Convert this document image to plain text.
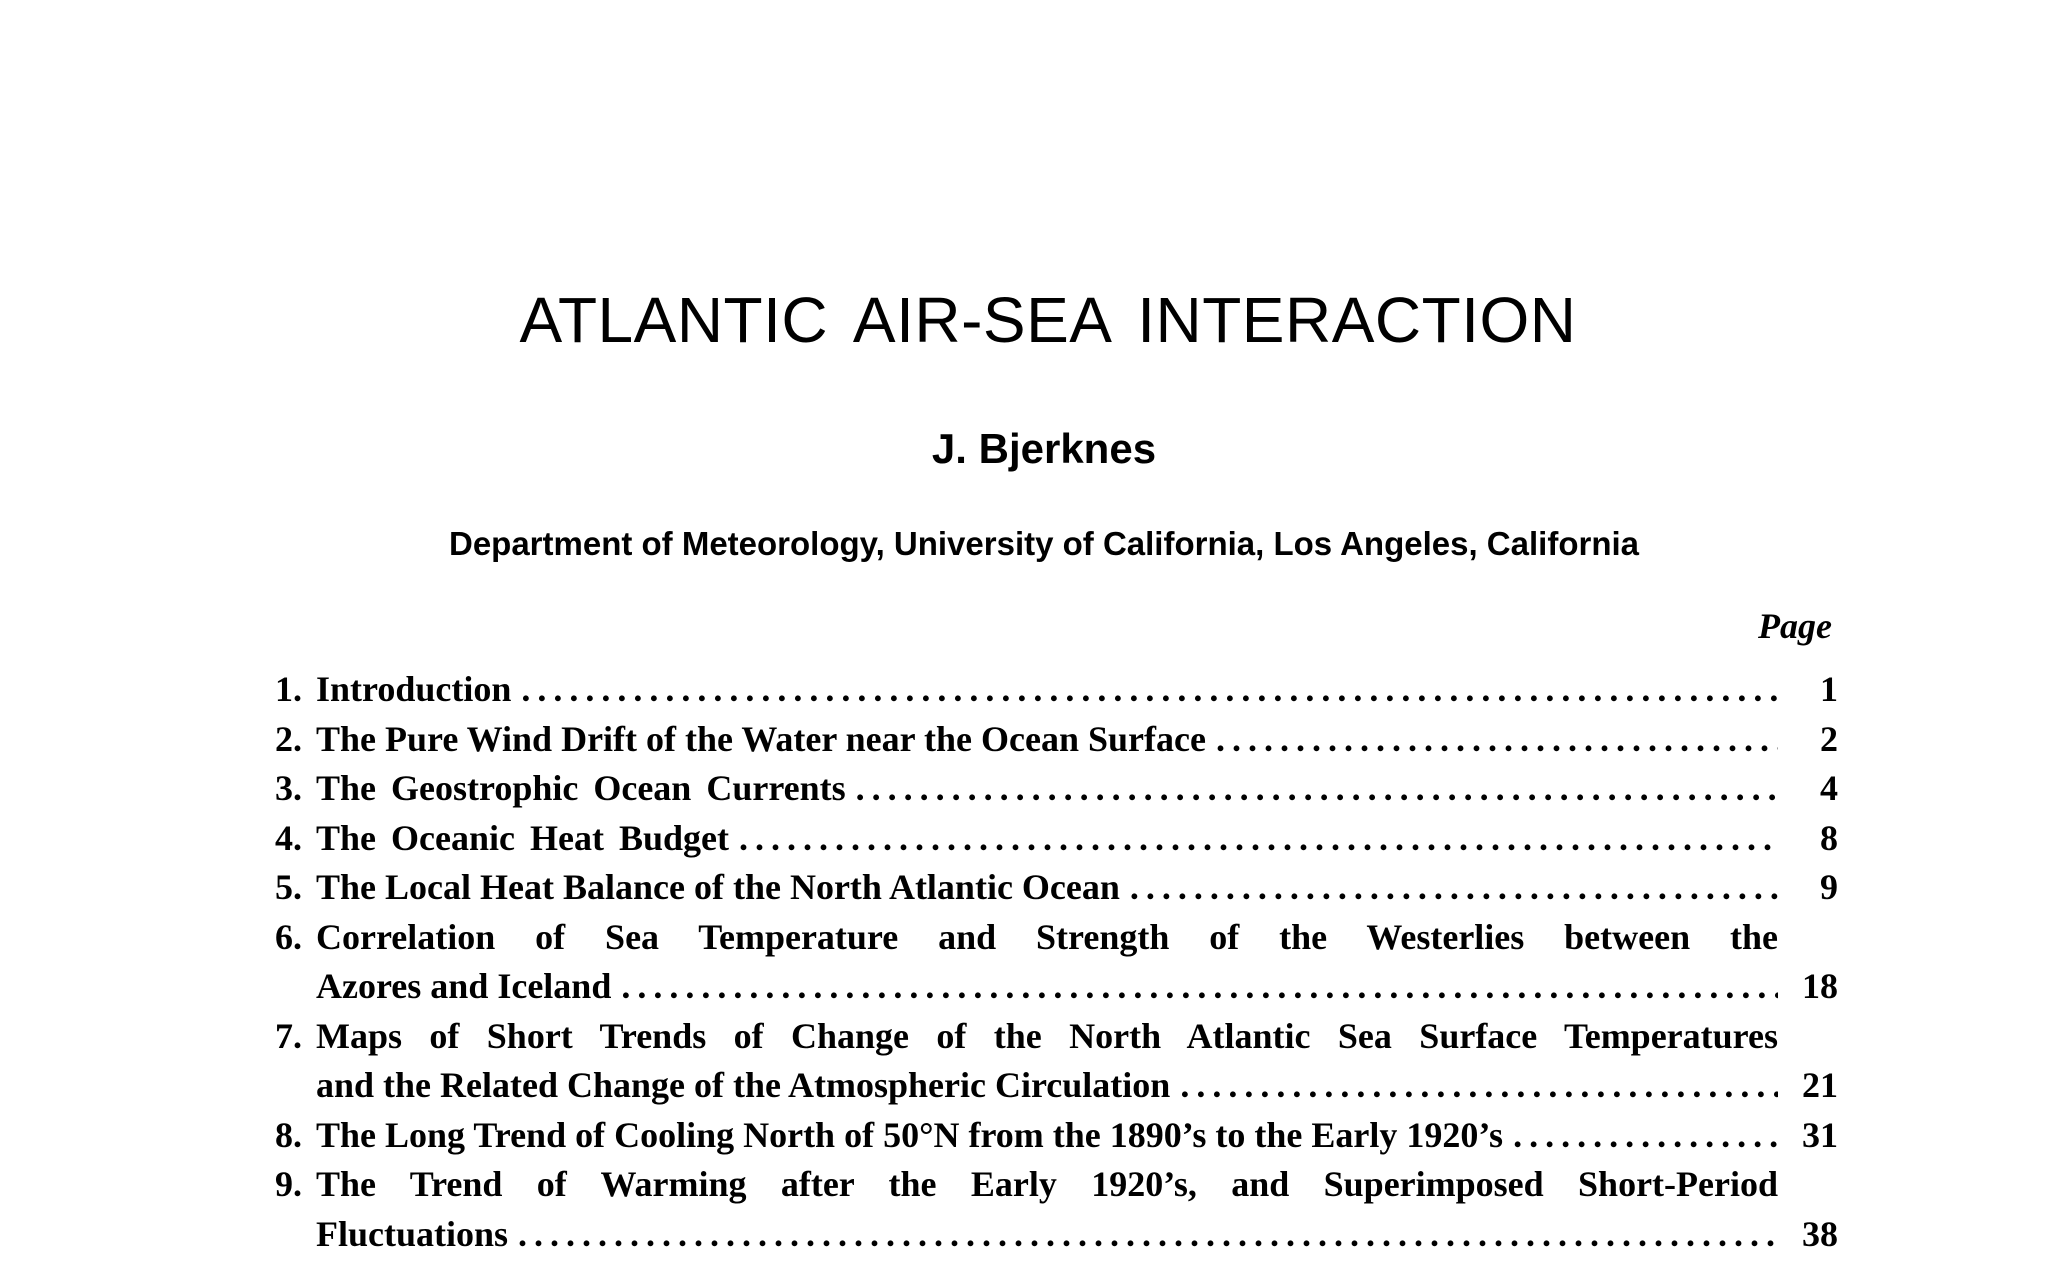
ATLANTIC AIR-SEA INTERACTION
J. Bjerknes
Department of Meteorology, University of California, Los Angeles, California
Page
1. Introduction .....	1
2. The Pure Wind Drift of the Water near the Ocean Surface .....	2
3. The Geostrophic Ocean Currents .....	4
4. The Oceanic Heat Budget .....	8
5. The Local Heat Balance of the North Atlantic Ocean .....	9
6. Correlation of Sea Temperature and Strength of the Westerlies between the
Azores and Iceland .....	18
7. Maps of Short Trends of Change of the North Atlantic Sea Surface Temperatures
and the Related Change of the Atmospheric Circulation .....	21
8. The Long Trend of Cooling North of 50°N from the 1890’s to the Early 1920’s .....	31
9. The Trend of Warming after the Early 1920’s, and Superimposed Short-Period
Fluctuations .....	38
